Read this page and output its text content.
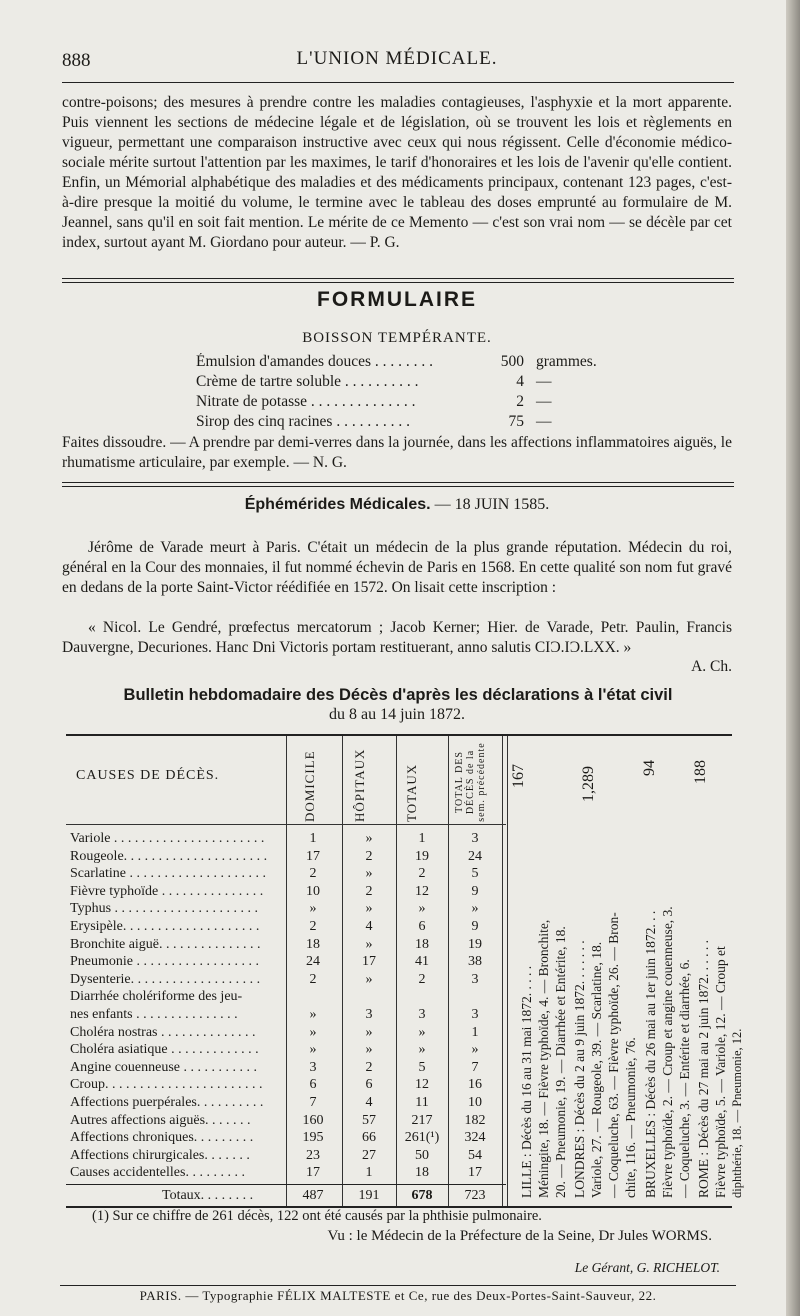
888	L'UNION MÉDICALE.

contre-poisons; des mesures à prendre contre les maladies contagieuses, l'asphyxie et la mort apparente. Puis viennent les sections de médecine légale et de législation, où se trouvent les lois et règlements en vigueur, permettant une comparaison instructive avec ceux qui nous régissent. Celle d'économie médico-sociale mérite surtout l'attention par les maximes, le tarif d'honoraires et les lois de l'avenir qu'elle contient. Enfin, un Mémorial alphabétique des maladies et des médicaments principaux, contenant 123 pages, c'est-à-dire presque la moitié du volume, le termine avec le tableau des doses emprunté au formulaire de M. Jeannel, sans qu'il en soit fait mention. Le mérite de ce Memento — c'est son vrai nom — se décèle par cet index, surtout ayant M. Giordano pour auteur. — P. G.

FORMULAIRE
BOISSON TEMPÉRANTE.
Émulsion d'amandes douces . . . . . . . .	500 grammes.
Crème de tartre soluble . . . . . . . . . .	4 —
Nitrate de potasse . . . . . . . . . . . . . .	2 —
Sirop des cinq racines . . . . . . . . . .	75 —

Faites dissoudre. — A prendre par demi-verres dans la journée, dans les affections inflammatoires aiguës, le rhumatisme articulaire, par exemple. — N. G.

Éphémérides Médicales. — 18 JUIN 1585.

Jérôme de Varade meurt à Paris. C'était un médecin de la plus grande réputation. Médecin du roi, général en la Cour des monnaies, il fut nommé échevin de Paris en 1568. En cette qualité son nom fut gravé en dedans de la porte Saint-Victor réédifiée en 1572. On lisait cette inscription :

« Nicol. Le Gendré, prœfectus mercatorum ; Jacob Kerner; Hier. de Varade, Petr. Paulin, Francis Dauvergne, Decuriones. Hanc Dni Victoris portam restituerant, anno salutis CIƆ.IƆ.LXX. »

A. Ch.
Bulletin hebdomadaire des Décès d'après les déclarations à l'état civil
du 8 au 14 juin 1872.
CAUSES DE DÉCÈS.	DOMICILE	HÔPITAUX	TOTAUX	TOTAL DES DÉCÈS de la sem. précédente
Totaux. . . . . . . .	487	191	678	723
167
LILLE : Décès du 16 au 31 mai 1872. . . . . Méningite, 18. — Fièvre typhoïde, 4. — Bronchite, 20. — Pneumonie, 19. — Diarrhée et Entérite, 18.
1,289
LONDRES : Décès du 2 au 9 juin 1872. . . . . . . Variole, 27. — Rougeole, 39. — Scarlatine, 18. — Coqueluche, 63. — Fièvre typhoïde, 26. — Bron- chite, 116. — Pneumonie, 76.
94
BRUXELLES : Décès du 26 mai au 1er juin 1872. . . Fièvre typhoïde, 2. — Croup et angine couenneuse, 3. — Coqueluche, 3. — Entérite et diarrhée, 6.
188
ROME : Décès du 27 mai au 2 juin 1872. . . . . . Fièvre typhoïde, 5. — Variole, 12. — Croup et diphthérie, 18. — Pneumonie, 12.
Variole . . . . . . . . . . . . . . . . . . . . . .	1	»	1	3
Rougeole. . . . . . . . . . . . . . . . . . . . .	17	2	19	24
Scarlatine . . . . . . . . . . . . . . . . . . . .	2	»	2	5
Fièvre typhoïde . . . . . . . . . . . . . . .	10	2	12	9
Typhus . . . . . . . . . . . . . . . . . . . . .	»	»	»	»
Erysipèle. . . . . . . . . . . . . . . . . . . .	2	4	6	9
Bronchite aiguë. . . . . . . . . . . . . . .	18	»	18	19
Pneumonie . . . . . . . . . . . . . . . . . .	24	17	41	38
Dysenterie. . . . . . . . . . . . . . . . . . .	2	»	2	3
Diarrhée cholériforme des jeu-
nes enfants . . . . . . . . . . . . . . .	»	3	3	3
Choléra nostras . . . . . . . . . . . . . .	»	»	»	1
Choléra asiatique . . . . . . . . . . . . .	»	»	»	»
Angine couenneuse . . . . . . . . . . .	3	2	5	7
Croup. . . . . . . . . . . . . . . . . . . . . . .	6	6	12	16
Affections puerpérales. . . . . . . . . .	7	4	11	10
Autres affections aiguës. . . . . . .	160	57	217	182
Affections chroniques. . . . . . . . .	195	66	261(¹)	324
Affections chirurgicales. . . . . . .	23	27	50	54
Causes accidentelles. . . . . . . . .	17	1	18	17
(1) Sur ce chiffre de 261 décès, 122 ont été causés par la phthisie pulmonaire.
Vu : le Médecin de la Préfecture de la Seine, Dr Jules WORMS.
Le Gérant, G. RICHELOT.
PARIS. — Typographie FÉLIX MALTESTE et Ce, rue des Deux-Portes-Saint-Sauveur, 22.
